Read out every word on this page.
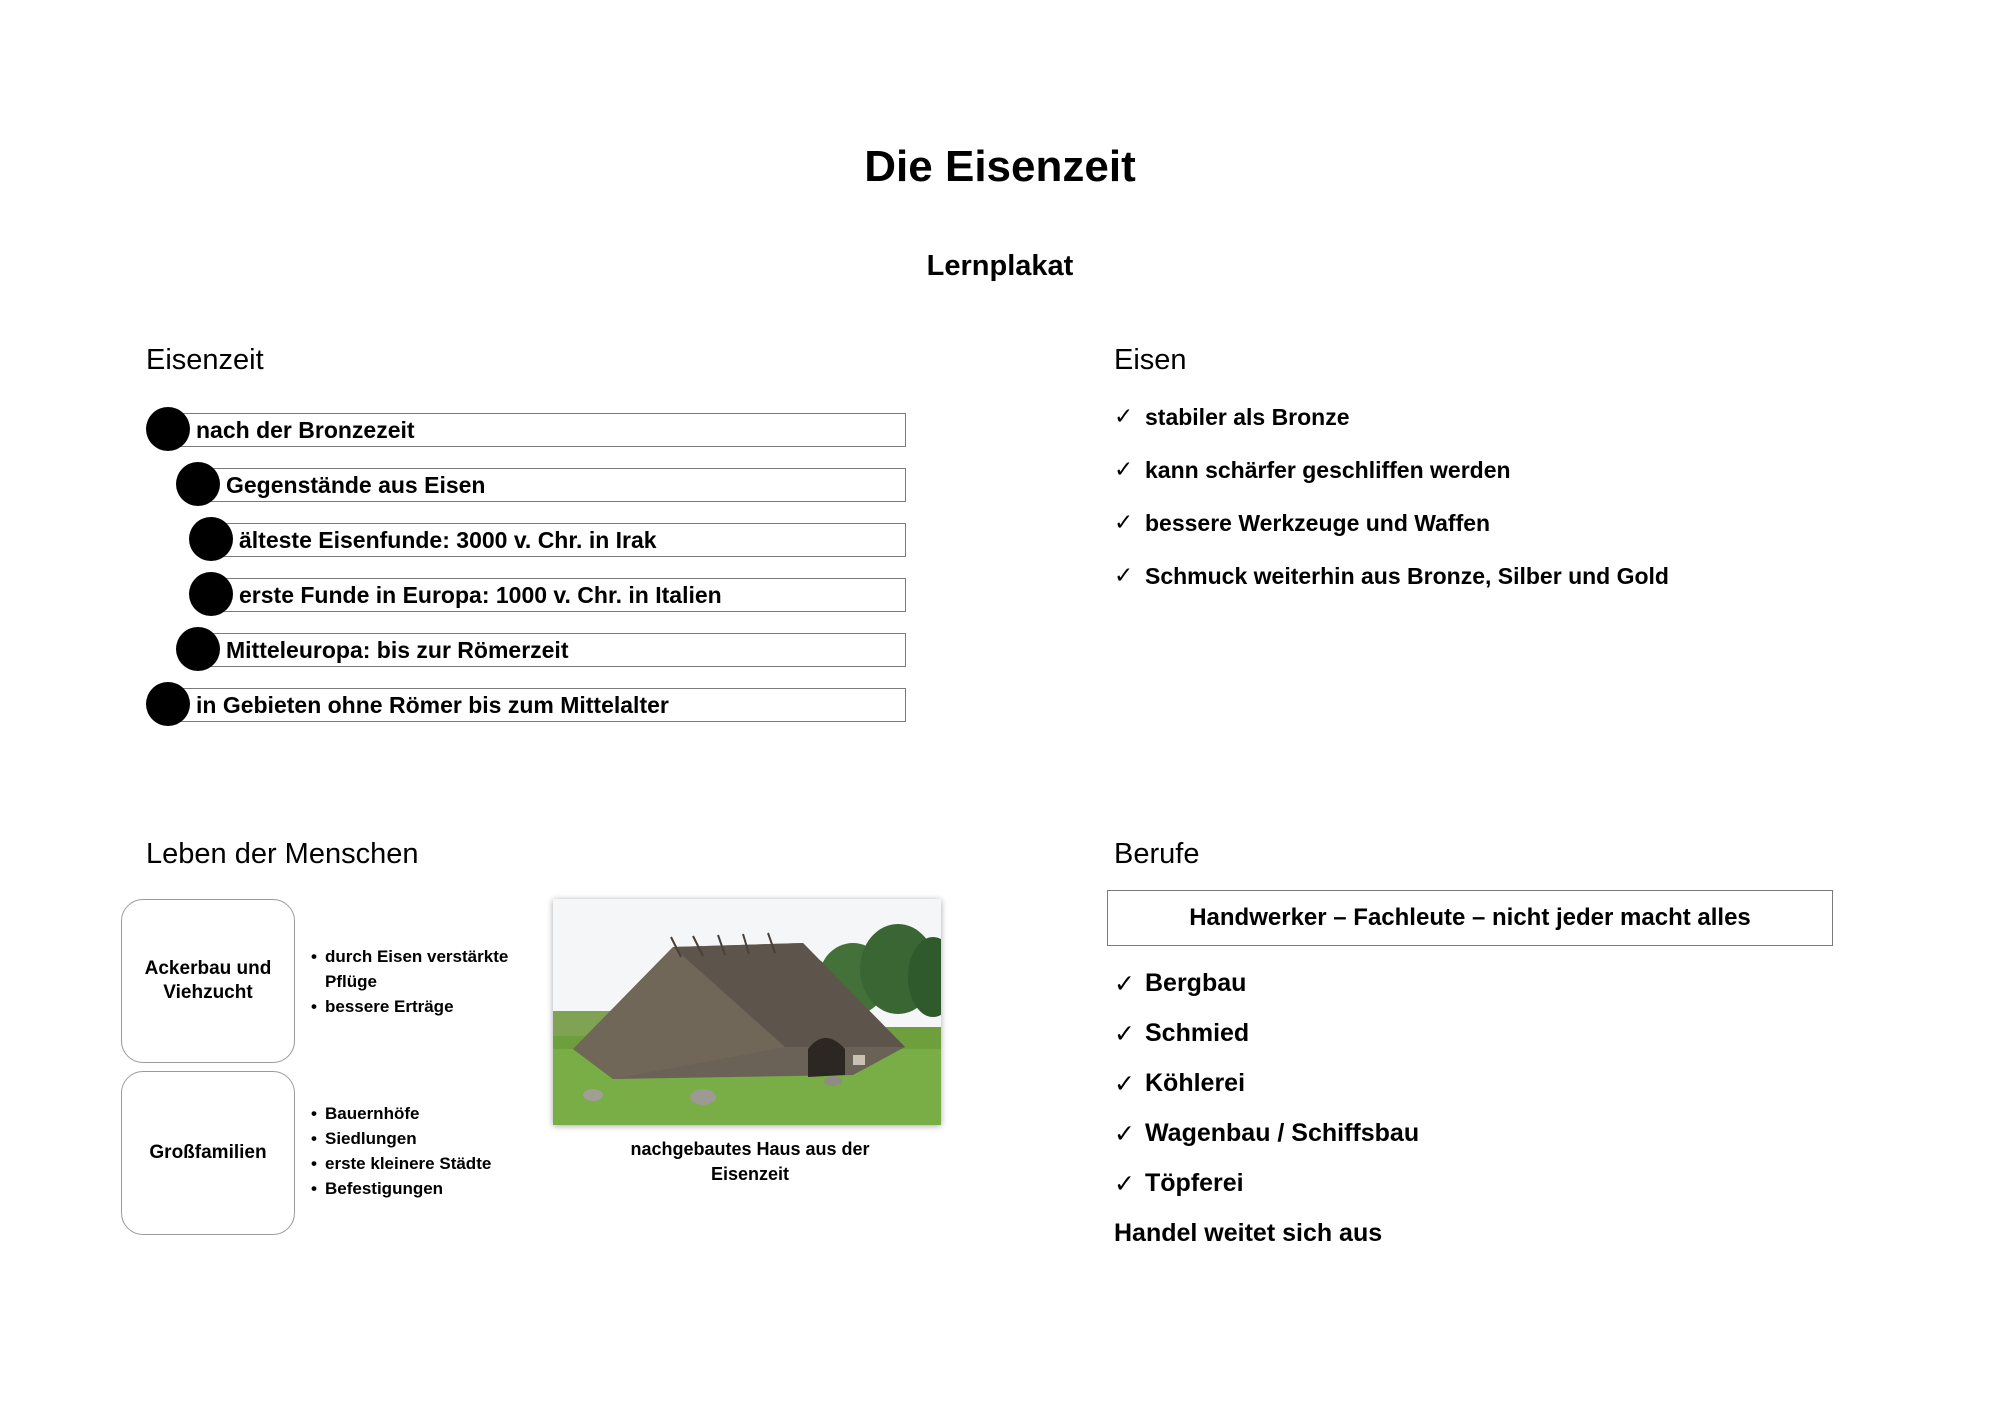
Die Eisenzeit
Lernplakat
Eisenzeit
nach der Bronzezeit
Gegenstände aus Eisen
älteste Eisenfunde: 3000 v. Chr. in Irak
erste Funde in Europa: 1000 v. Chr. in Italien
Mitteleuropa: bis zur Römerzeit
in Gebieten ohne Römer bis zum Mittelalter
Eisen
✓ stabiler als Bronze
✓ kann schärfer geschliffen werden
✓ bessere Werkzeuge und Waffen
✓ Schmuck weiterhin aus Bronze, Silber und Gold
Leben der Menschen
Ackerbau und Viehzucht
• durch Eisen verstärkte Pflüge
• bessere Erträge
Großfamilien
• Bauernhöfe
• Siedlungen
• erste kleinere Städte
• Befestigungen
nachgebautes Haus aus der Eisenzeit
Berufe
Handwerker – Fachleute – nicht jeder macht alles
✓ Bergbau
✓ Schmied
✓ Köhlerei
✓ Wagenbau / Schiffsbau
✓ Töpferei
Handel weitet sich aus
